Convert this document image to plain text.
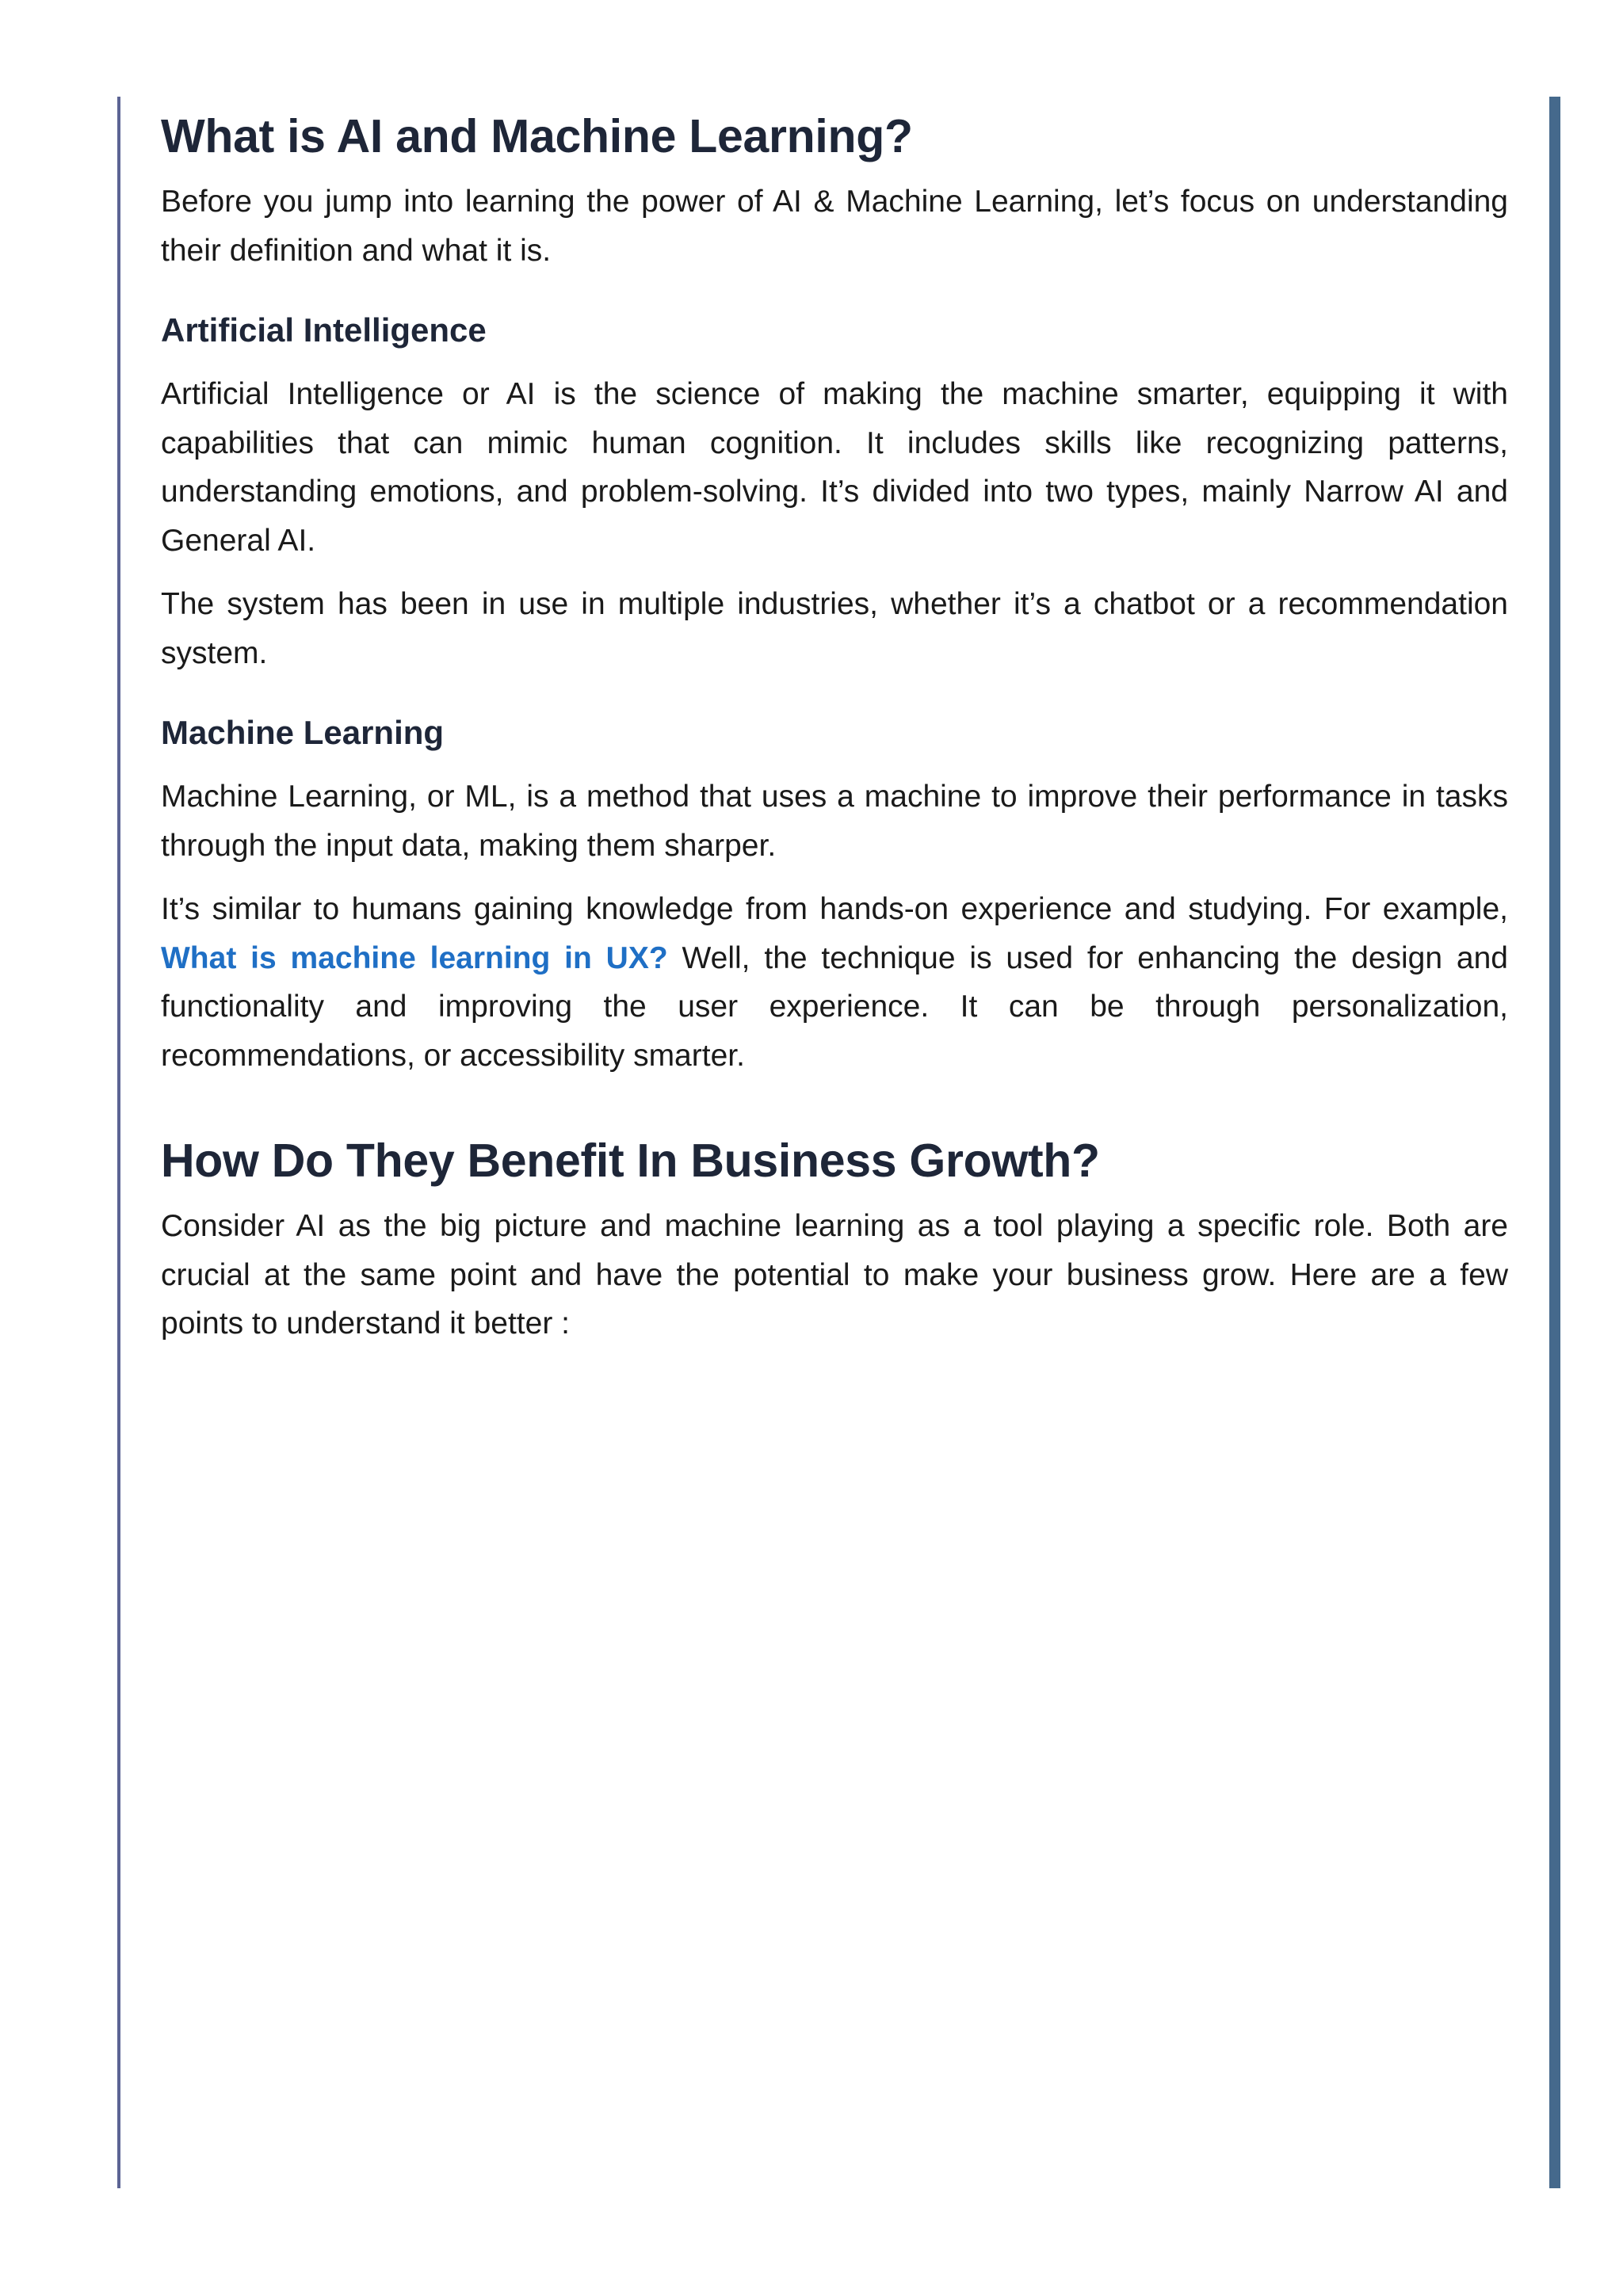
What is AI and Machine Learning?

Before you jump into learning the power of AI & Machine Learning, let’s focus on understanding their definition and what it is.

Artificial Intelligence

Artificial Intelligence or AI is the science of making the machine smarter, equipping it with capabilities that can mimic human cognition. It includes skills like recognizing patterns, understanding emotions, and problem-solving. It’s divided into two types, mainly Narrow AI and General AI.

The system has been in use in multiple industries, whether it’s a chatbot or a recommendation system.

Machine Learning

Machine Learning, or ML, is a method that uses a machine to improve their performance in tasks through the input data, making them sharper.

It’s similar to humans gaining knowledge from hands-on experience and studying. For example, What is machine learning in UX? Well, the technique is used for enhancing the design and functionality and improving the user experience. It can be through personalization, recommendations, or accessibility smarter.

How Do They Benefit In Business Growth?

Consider AI as the big picture and machine learning as a tool playing a specific role. Both are crucial at the same point and have the potential to make your business grow. Here are a few points to understand it better :
